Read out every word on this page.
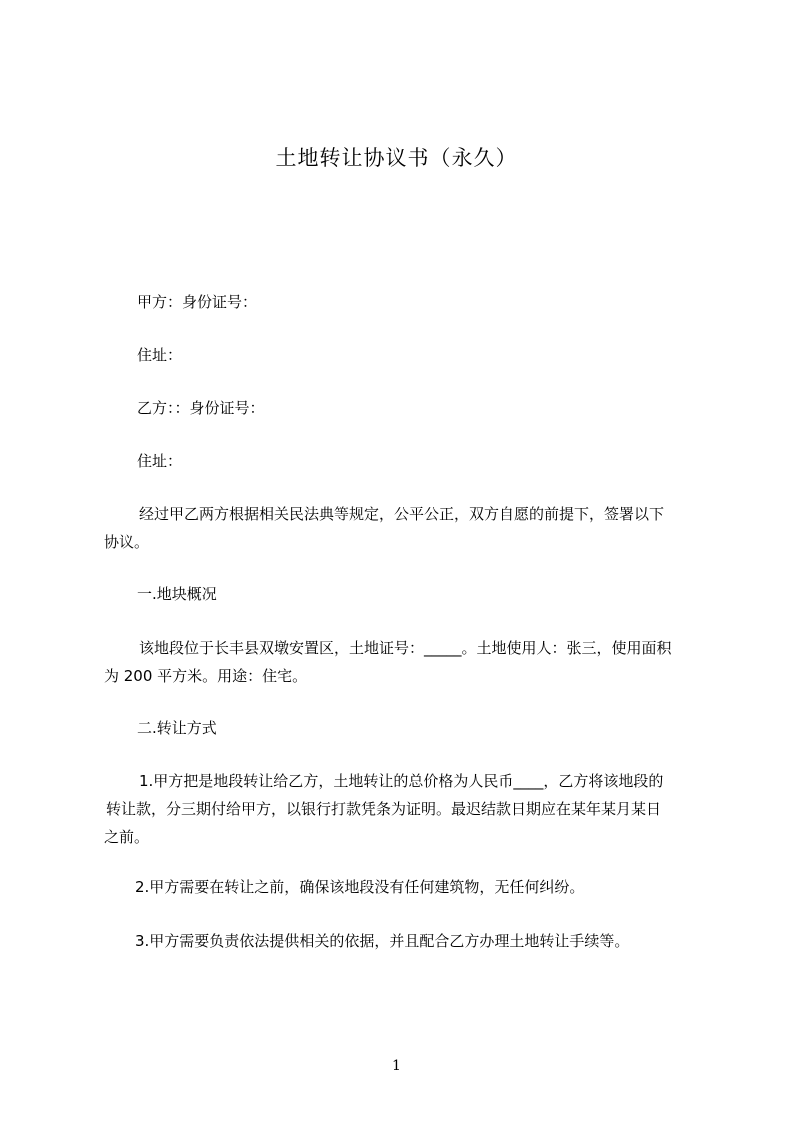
土地转让协议书（永久）
甲方：身份证号：
住址：
乙方：：身份证号：
住址：
经过甲乙两方根据相关民法典等规定，公平公正，双方自愿的前提下，签署以下
协议。
一.地块概况
该地段位于长丰县双墩安置区，土地证号：_____。土地使用人：张三，使用面积
为 200 平方米。用途：住宅。
二.转让方式
1.甲方把是地段转让给乙方，土地转让的总价格为人民币____，乙方将该地段的
转让款，分三期付给甲方，以银行打款凭条为证明。最迟结款日期应在某年某月某日
之前。
2.甲方需要在转让之前，确保该地段没有任何建筑物，无任何纠纷。
3.甲方需要负责依法提供相关的依据，并且配合乙方办理土地转让手续等。
1
